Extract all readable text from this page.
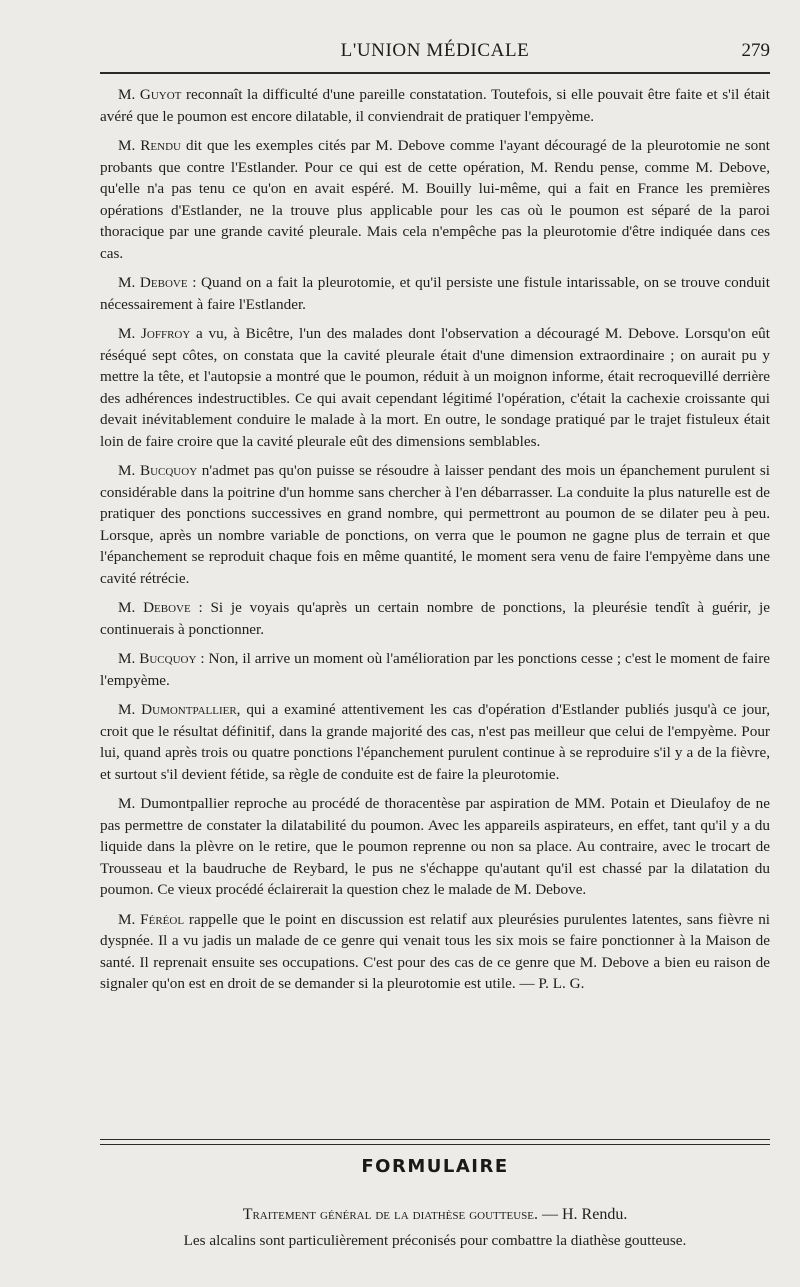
L'UNION MÉDICALE	279

M. Guyot reconnaît la difficulté d'une pareille constatation. Toutefois, si elle pouvait être faite et s'il était avéré que le poumon est encore dilatable, il conviendrait de pratiquer l'empyème.

M. Rendu dit que les exemples cités par M. Debove comme l'ayant découragé de la pleurotomie ne sont probants que contre l'Estlander. Pour ce qui est de cette opération, M. Rendu pense, comme M. Debove, qu'elle n'a pas tenu ce qu'on en avait espéré. M. Bouilly lui-même, qui a fait en France les premières opérations d'Estlander, ne la trouve plus applicable pour les cas où le poumon est séparé de la paroi thoracique par une grande cavité pleurale. Mais cela n'empêche pas la pleurotomie d'être indiquée dans ces cas.

M. Debove : Quand on a fait la pleurotomie, et qu'il persiste une fistule intarissable, on se trouve conduit nécessairement à faire l'Estlander.

M. Joffroy a vu, à Bicêtre, l'un des malades dont l'observation a découragé M. Debove. Lorsqu'on eût réséqué sept côtes, on constata que la cavité pleurale était d'une dimension extraordinaire ; on aurait pu y mettre la tête, et l'autopsie a montré que le poumon, réduit à un moignon informe, était recroquevillé derrière des adhérences indestructibles. Ce qui avait cependant légitimé l'opération, c'était la cachexie croissante qui devait inévitablement conduire le malade à la mort. En outre, le sondage pratiqué par le trajet fistuleux était loin de faire croire que la cavité pleurale eût des dimensions semblables.

M. Bucquoy n'admet pas qu'on puisse se résoudre à laisser pendant des mois un épanchement purulent si considérable dans la poitrine d'un homme sans chercher à l'en débarrasser. La conduite la plus naturelle est de pratiquer des ponctions successives en grand nombre, qui permettront au poumon de se dilater peu à peu. Lorsque, après un nombre variable de ponctions, on verra que le poumon ne gagne plus de terrain et que l'épanchement se reproduit chaque fois en même quantité, le moment sera venu de faire l'empyème dans une cavité rétrécie.

M. Debove : Si je voyais qu'après un certain nombre de ponctions, la pleurésie tendît à guérir, je continuerais à ponctionner.

M. Bucquoy : Non, il arrive un moment où l'amélioration par les ponctions cesse ; c'est le moment de faire l'empyème.

M. Dumontpallier, qui a examiné attentivement les cas d'opération d'Estlander publiés jusqu'à ce jour, croit que le résultat définitif, dans la grande majorité des cas, n'est pas meilleur que celui de l'empyème. Pour lui, quand après trois ou quatre ponctions l'épanchement purulent continue à se reproduire s'il y a de la fièvre, et surtout s'il devient fétide, sa règle de conduite est de faire la pleurotomie.

M. Dumontpallier reproche au procédé de thoracentèse par aspiration de MM. Potain et Dieulafoy de ne pas permettre de constater la dilatabilité du poumon. Avec les appareils aspirateurs, en effet, tant qu'il y a du liquide dans la plèvre on le retire, que le poumon reprenne ou non sa place. Au contraire, avec le trocart de Trousseau et la baudruche de Reybard, le pus ne s'échappe qu'autant qu'il est chassé par la dilatation du poumon. Ce vieux procédé éclairerait la question chez le malade de M. Debove.

M. Féréol rappelle que le point en discussion est relatif aux pleurésies purulentes latentes, sans fièvre ni dyspnée. Il a vu jadis un malade de ce genre qui venait tous les six mois se faire ponctionner à la Maison de santé. Il reprenait ensuite ses occupations. C'est pour des cas de ce genre que M. Debove a bien eu raison de signaler qu'on est en droit de se demander si la pleurotomie est utile. — P. L. G.

FORMULAIRE
Traitement général de la diathèse goutteuse. — H. Rendu.
Les alcalins sont particulièrement préconisés pour combattre la diathèse goutteuse.
